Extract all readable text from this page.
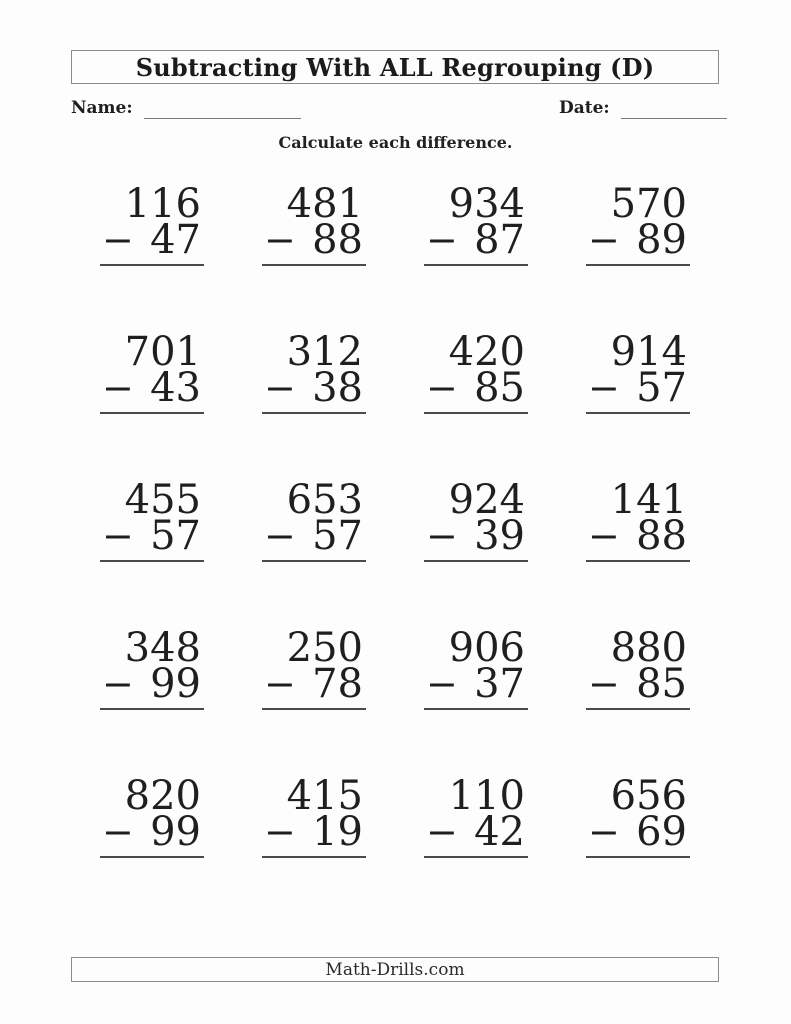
Subtracting With ALL Regrouping (D)
Name:	Date:
Calculate each difference.
116
− 47
481
− 88
934
− 87
570
− 89
701
− 43
312
− 38
420
− 85
914
− 57
455
− 57
653
− 57
924
− 39
141
− 88
348
− 99
250
− 78
906
− 37
880
− 85
820
− 99
415
− 19
110
− 42
656
− 69
Math-Drills.com
